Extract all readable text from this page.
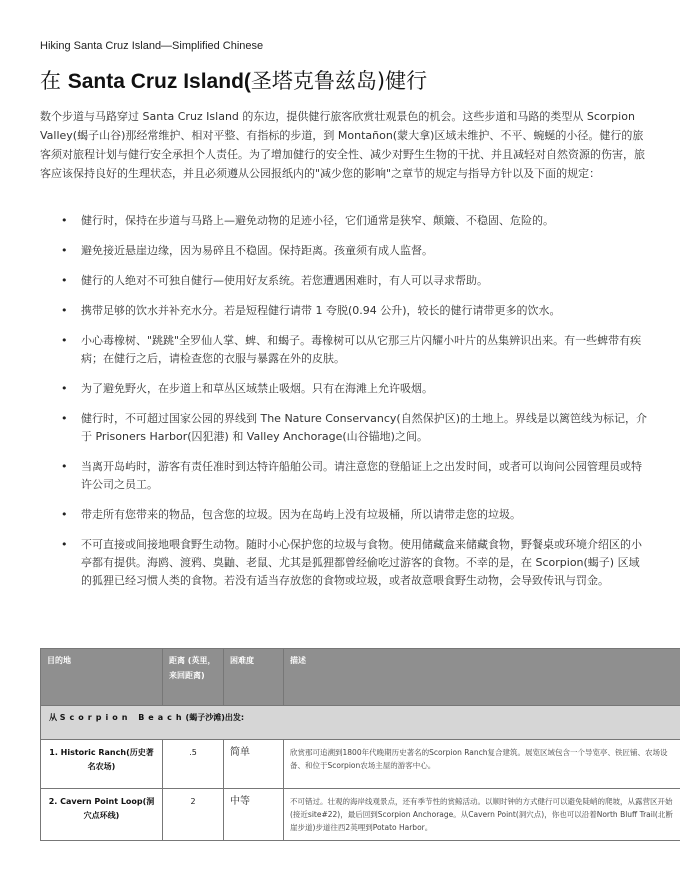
Hiking Santa Cruz Island—Simplified Chinese
在 Santa Cruz Island(圣塔克鲁兹岛)健行

数个步道与马路穿过 Santa Cruz Island 的东边，提供健行旅客欣赏壮观景色的机会。这些步道和马路的类型从 Scorpion Valley(蝎子山谷)那经常维护、相对平整、有指标的步道，到 Montañon(蒙大拿)区域未维护、不平、蜿蜒的小径。健行的旅客须对旅程计划与健行安全承担个人责任。为了增加健行的安全性、减少对野生生物的干扰、并且减轻对自然资源的伤害，旅客应该保持良好的生理状态，并且必须遵从公园报纸内的"减少您的影响"之章节的规定与指导方针以及下面的规定：

• 健行时，保持在步道与马路上—避免动物的足迹小径，它们通常是狭窄、颠簸、不稳固、危险的。
• 避免接近悬崖边缘，因为易碎且不稳固。保持距离。孩童须有成人监督。
• 健行的人绝对不可独自健行—使用好友系统。若您遭遇困难时，有人可以寻求帮助。
• 携带足够的饮水并补充水分。若是短程健行请带 1 夸脱(0.94 公升)，较长的健行请带更多的饮水。
• 小心毒橡树、"跳跳"全罗仙人掌、蜱、和蝎子。毒橡树可以从它那三片闪耀小叶片的丛集辨识出来。有一些蜱带有疾病；在健行之后，请检查您的衣服与暴露在外的皮肤。
• 为了避免野火，在步道上和草丛区域禁止吸烟。只有在海滩上允许吸烟。
• 健行时，不可超过国家公园的界线到 The Nature Conservancy(自然保护区)的土地上。界线是以篱笆线为标记，介于 Prisoners Harbor(囚犯港) 和 Valley Anchorage(山谷锚地)之间。
• 当离开岛屿时，游客有责任准时到达特许船舶公司。请注意您的登船证上之出发时间，或者可以询问公园管理员或特许公司之员工。
• 带走所有您带来的物品，包含您的垃圾。因为在岛屿上没有垃圾桶，所以请带走您的垃圾。
• 不可直接或间接地喂食野生动物。随时小心保护您的垃圾与食物。使用储藏盒来储藏食物，野餐桌或环境介绍区的小亭都有提供。海鸥、渡鸦、臭鼬、老鼠、尤其是狐狸都曾经偷吃过游客的食物。不幸的是，在 Scorpion(蝎子) 区域的狐狸已经习惯人类的食物。若没有适当存放您的食物或垃圾，或者故意喂食野生动物，会导致传讯与罚金。
目的地	距离 (英里，来回距离)	困难度	描述
从 Scorpion Beach(蝎子沙滩)出发:			
1. Historic Ranch(历史著名农场)	.5	简单	欣赏那可追溯到1800年代晚期历史著名的Scorpion Ranch复合建筑。展览区域包含一个导览亭、铁匠铺、农场设备、和位于Scorpion农场主屋的游客中心。
2. Cavern Point Loop(洞穴点环线)	2	中等	不可错过。壮观的海岸线观景点，还有季节性的赏鲸活动。以顺时钟的方式健行可以避免陡峭的爬坡，从露营区开始(接近site#22)，最后回到Scorpion Anchorage。从Cavern Point(洞穴点)，你也可以沿着North Bluff Trail(北断崖步道)步道往西2英哩到Potato Harbor。
